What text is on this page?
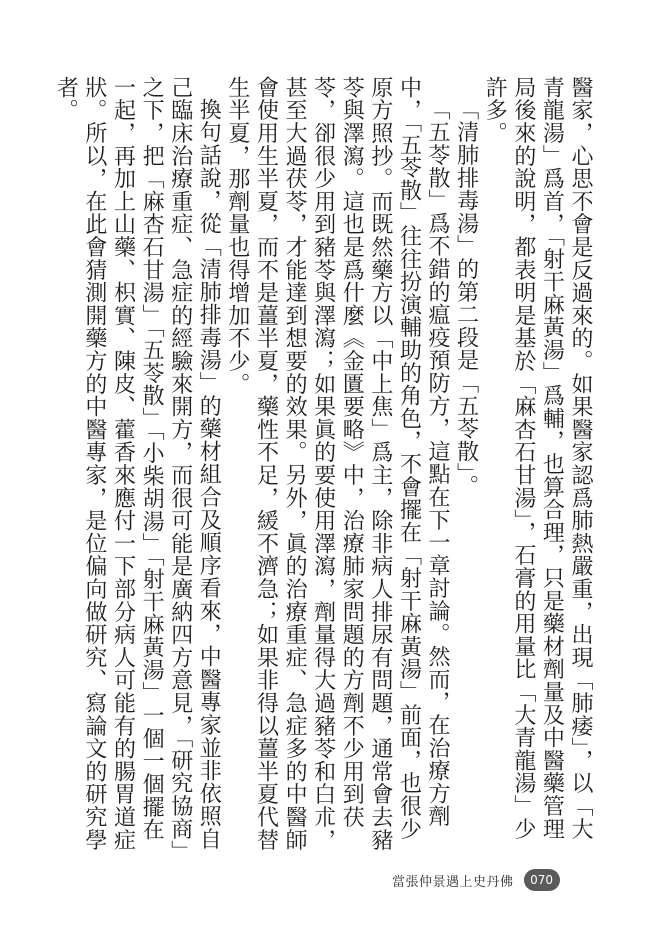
醫家，心思不會是反過來的。如果醫家認爲肺熱嚴重，出現「肺痿」，以「大青龍湯」爲首，「射干麻黃湯」爲輔，也算合理，只是藥材劑量及中醫藥管理局後來的說明，都表明是基於「麻杏石甘湯」，石膏的用量比「大青龍湯」少許多。

「清肺排毒湯」的第二段是「五苓散」。

「五苓散」爲不錯的瘟疫預防方，這點在下一章討論。然而，在治療方劑中，「五苓散」往往扮演輔助的角色，不會擺在「射干麻黃湯」前面，也很少原方照抄。而既然藥方以「中上焦」爲主，除非病人排尿有問題，通常會去豬苓與澤瀉。這也是爲什麼《金匱要略》中，治療肺家問題的方劑不少用到茯苓，卻很少用到豬苓與澤瀉；如果眞的要使用澤瀉，劑量得大過豬苓和白朮，甚至大過茯苓，才能達到想要的效果。另外，眞的治療重症、急症多的中醫師會使用生半夏，而不是薑半夏，藥性不足，緩不濟急；如果非得以薑半夏代替生半夏，那劑量也得增加不少。

換句話說，從「清肺排毒湯」的藥材組合及順序看來，中醫專家並非依照自己臨床治療重症、急症的經驗來開方，而很可能是廣納四方意見，「研究協商」之下，把「麻杏石甘湯」「五苓散」「小柴胡湯」「射干麻黃湯」一個一個擺在一起，再加上山藥、枳實、陳皮、藿香來應付一下部分病人可能有的腸胃道症狀。所以，在此會猜測開藥方的中醫專家，是位偏向做研究、寫論文的研究學者。

當張仲景遇上史丹佛	070
